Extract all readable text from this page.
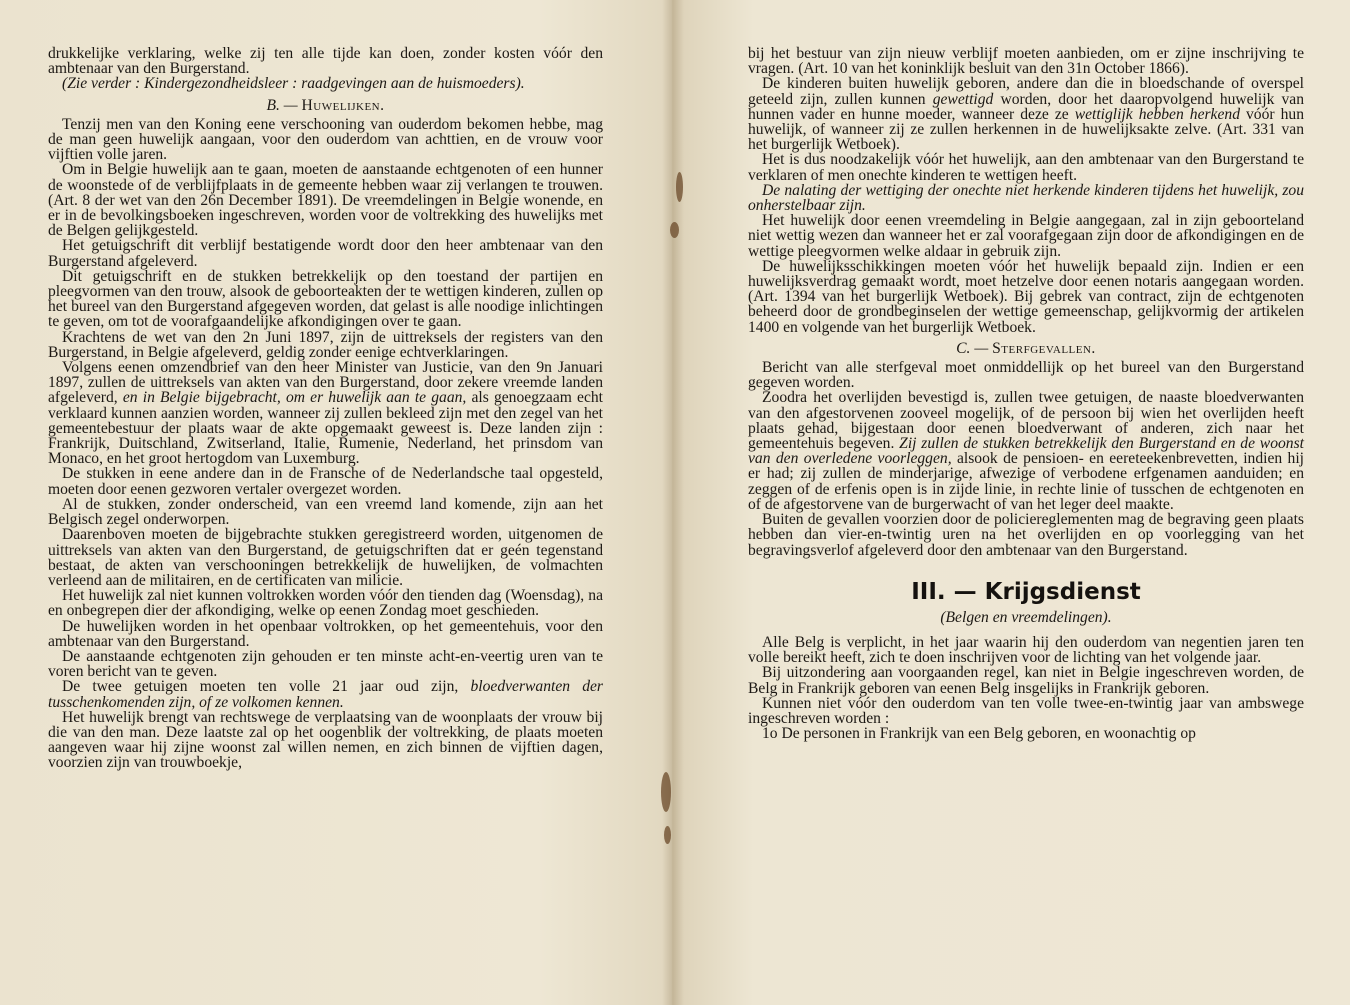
drukkelijke verklaring, welke zij ten alle tijde kan doen, zonder kosten vóór den ambtenaar van den Burgerstand.

(Zie verder : Kindergezondheidsleer : raadgevingen aan de huismoeders).

B. — Huwelijken.

Tenzij men van den Koning eene verschooning van ouderdom bekomen hebbe, mag de man geen huwelijk aangaan, voor den ouderdom van achttien, en de vrouw voor vijftien volle jaren.

Om in Belgie huwelijk aan te gaan, moeten de aanstaande echtgenoten of een hunner de woonstede of de verblijfplaats in de gemeente hebben waar zij verlangen te trouwen. (Art. 8 der wet van den 26n December 1891). De vreemdelingen in Belgie wonende, en er in de bevolkingsboeken ingeschreven, worden voor de voltrekking des huwelijks met de Belgen gelijkgesteld.

Het getuigschrift dit verblijf bestatigende wordt door den heer ambtenaar van den Burgerstand afgeleverd.

Dit getuigschrift en de stukken betrekkelijk op den toestand der partijen en pleegvormen van den trouw, alsook de geboorteakten der te wettigen kinderen, zullen op het bureel van den Burgerstand afgegeven worden, dat gelast is alle noodige inlichtingen te geven, om tot de voorafgaandelijke afkondigingen over te gaan.

Krachtens de wet van den 2n Juni 1897, zijn de uittreksels der registers van den Burgerstand, in Belgie afgeleverd, geldig zonder eenige echtverklaringen.

Volgens eenen omzendbrief van den heer Minister van Justicie, van den 9n Januari 1897, zullen de uittreksels van akten van den Burgerstand, door zekere vreemde landen afgeleverd, en in Belgie bijgebracht, om er huwelijk aan te gaan, als genoegzaam echt verklaard kunnen aanzien worden, wanneer zij zullen bekleed zijn met den zegel van het gemeentebestuur der plaats waar de akte opgemaakt geweest is. Deze landen zijn : Frankrijk, Duitschland, Zwitserland, Italie, Rumenie, Nederland, het prinsdom van Monaco, en het groot hertogdom van Luxemburg.

De stukken in eene andere dan in de Fransche of de Nederlandsche taal opgesteld, moeten door eenen gezworen vertaler overgezet worden.

Al de stukken, zonder onderscheid, van een vreemd land komende, zijn aan het Belgisch zegel onderworpen.

Daarenboven moeten de bijgebrachte stukken geregistreerd worden, uitgenomen de uittreksels van akten van den Burgerstand, de getuigschriften dat er geén tegenstand bestaat, de akten van verschooningen betrekkelijk de huwelijken, de volmachten verleend aan de militairen, en de certificaten van milicie.

Het huwelijk zal niet kunnen voltrokken worden vóór den tienden dag (Woensdag), na en onbegrepen dier der afkondiging, welke op eenen Zondag moet geschieden.

De huwelijken worden in het openbaar voltrokken, op het gemeentehuis, voor den ambtenaar van den Burgerstand.

De aanstaande echtgenoten zijn gehouden er ten minste acht-en-veertig uren van te voren bericht van te geven.

De twee getuigen moeten ten volle 21 jaar oud zijn, bloedverwanten der tusschenkomenden zijn, of ze volkomen kennen.

Het huwelijk brengt van rechtswege de verplaatsing van de woonplaats der vrouw bij die van den man. Deze laatste zal op het oogenblik der voltrekking, de plaats moeten aangeven waar hij zijne woonst zal willen nemen, en zich binnen de vijftien dagen, voorzien zijn van trouwboekje,

bij het bestuur van zijn nieuw verblijf moeten aanbieden, om er zijne inschrijving te vragen. (Art. 10 van het koninklijk besluit van den 31n October 1866).

De kinderen buiten huwelijk geboren, andere dan die in bloedschande of overspel geteeld zijn, zullen kunnen gewettigd worden, door het daaropvolgend huwelijk van hunnen vader en hunne moeder, wanneer deze ze wettiglijk hebben herkend vóór hun huwelijk, of wanneer zij ze zullen herkennen in de huwelijksakte zelve. (Art. 331 van het burgerlijk Wetboek).

Het is dus noodzakelijk vóór het huwelijk, aan den ambtenaar van den Burgerstand te verklaren of men onechte kinderen te wettigen heeft.

De nalating der wettiging der onechte niet herkende kinderen tijdens het huwelijk, zou onherstelbaar zijn.

Het huwelijk door eenen vreemdeling in Belgie aangegaan, zal in zijn geboorteland niet wettig wezen dan wanneer het er zal voorafgegaan zijn door de afkondigingen en de wettige pleegvormen welke aldaar in gebruik zijn.

De huwelijksschikkingen moeten vóór het huwelijk bepaald zijn. Indien er een huwelijksverdrag gemaakt wordt, moet hetzelve door eenen notaris aangegaan worden. (Art. 1394 van het burgerlijk Wetboek). Bij gebrek van contract, zijn de echtgenoten beheerd door de grondbeginselen der wettige gemeenschap, gelijkvormig der artikelen 1400 en volgende van het burgerlijk Wetboek.

C. — Sterfgevallen.

Bericht van alle sterfgeval moet onmiddellijk op het bureel van den Burgerstand gegeven worden.

Zoodra het overlijden bevestigd is, zullen twee getuigen, de naaste bloedverwanten van den afgestorvenen zooveel mogelijk, of de persoon bij wien het overlijden heeft plaats gehad, bijgestaan door eenen bloedverwant of anderen, zich naar het gemeentehuis begeven. Zij zullen de stukken betrekkelijk den Burgerstand en de woonst van den overledene voorleggen, alsook de pensioen- en eereteekenbrevetten, indien hij er had; zij zullen de minderjarige, afwezige of verbodene erfgenamen aanduiden; en zeggen of de erfenis open is in zijde linie, in rechte linie of tusschen de echtgenoten en of de afgestorvene van de burgerwacht of van het leger deel maakte.

Buiten de gevallen voorzien door de policiereglementen mag de begraving geen plaats hebben dan vier-en-twintig uren na het overlijden en op voorlegging van het begravingsverlof afgeleverd door den ambtenaar van den Burgerstand.

III. — Krijgsdienst

(Belgen en vreemdelingen).

Alle Belg is verplicht, in het jaar waarin hij den ouderdom van negentien jaren ten volle bereikt heeft, zich te doen inschrijven voor de lichting van het volgende jaar.

Bij uitzondering aan voorgaanden regel, kan niet in Belgie ingeschreven worden, de Belg in Frankrijk geboren van eenen Belg insgelijks in Frankrijk geboren.

Kunnen niet vóór den ouderdom van ten volle twee-en-twintig jaar van ambswege ingeschreven worden :

1o De personen in Frankrijk van een Belg geboren, en woonachtig op
